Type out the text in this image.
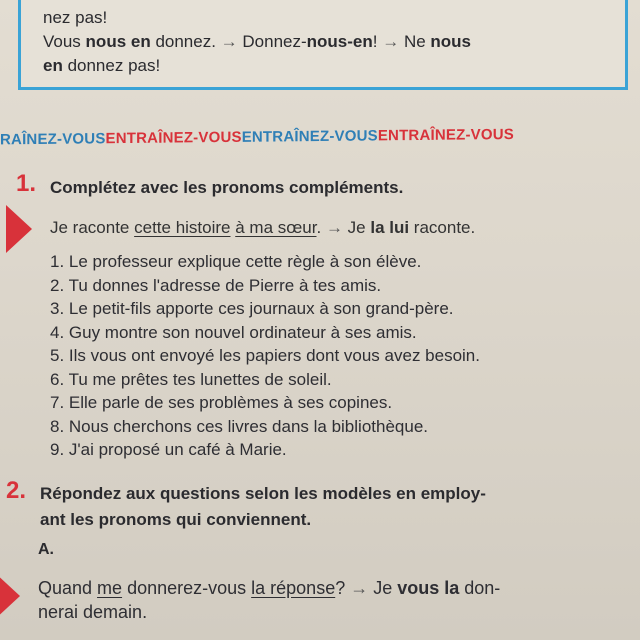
nez pas!
Vous nous en donnez. → Donnez-nous-en! → Ne nous
en donnez pas!
RAÎNEZ-VOUSENTRAÎNEZ-VOUSENTRAÎNEZ-VOUSENTRAÎNEZ-VOUS
1. Complétez avec les pronoms compléments.
Je raconte cette histoire à ma sœur. → Je la lui raconte.
1. Le professeur explique cette règle à son élève.
2. Tu donnes l'adresse de Pierre à tes amis.
3. Le petit-fils apporte ces journaux à son grand-père.
4. Guy montre son nouvel ordinateur à ses amis.
5. Ils vous ont envoyé les papiers dont vous avez besoin.
6. Tu me prêtes tes lunettes de soleil.
7. Elle parle de ses problèmes à ses copines.
8. Nous cherchons ces livres dans la bibliothèque.
9. J'ai proposé un café à Marie.
2. Répondez aux questions selon les modèles en employ-
ant les pronoms qui conviennent.
A.
Quand me donnerez-vous la réponse? → Je vous la don-
nerai demain.
